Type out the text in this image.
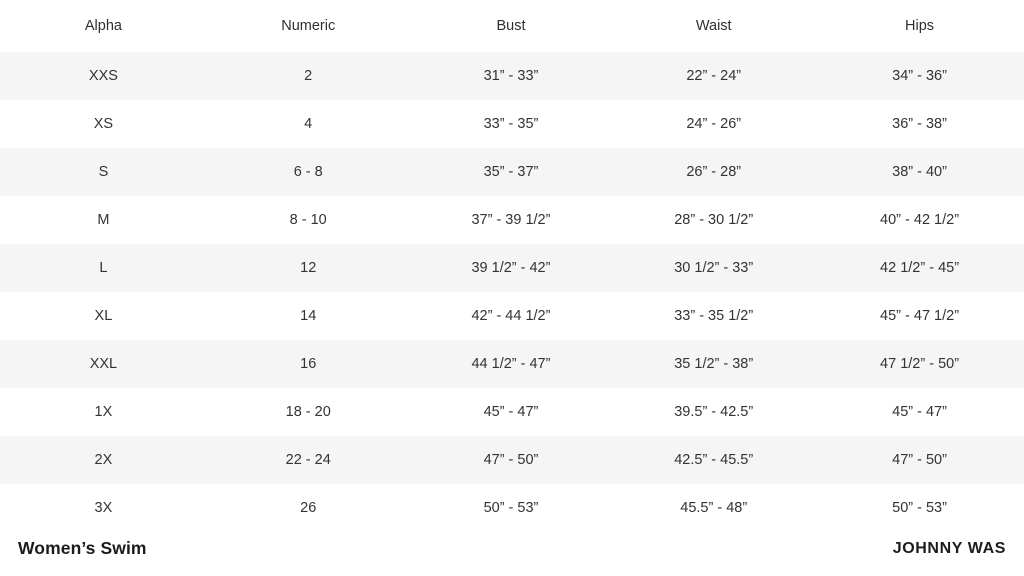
Alpha	Numeric	Bust	Waist	Hips
XXS	2	31” - 33”	22” - 24”	34” - 36”
XS	4	33” - 35”	24” - 26”	36” - 38”
S	6 - 8	35” - 37”	26” - 28”	38” - 40”
M	8 - 10	37” - 39 1/2”	28” - 30 1/2”	40” - 42 1/2”
L	12	39 1/2” - 42”	30 1/2” - 33”	42 1/2” - 45”
XL	14	42” - 44 1/2”	33” - 35 1/2”	45” - 47 1/2”
XXL	16	44 1/2” - 47”	35 1/2” - 38”	47 1/2” - 50”
1X	18 - 20	45” - 47”	39.5” - 42.5”	45” - 47”
2X	22 - 24	47” - 50”	42.5” - 45.5”	47” - 50”
3X	26	50” - 53”	45.5” - 48”	50” - 53”
Women’s Swim	JOHNNY WAS
